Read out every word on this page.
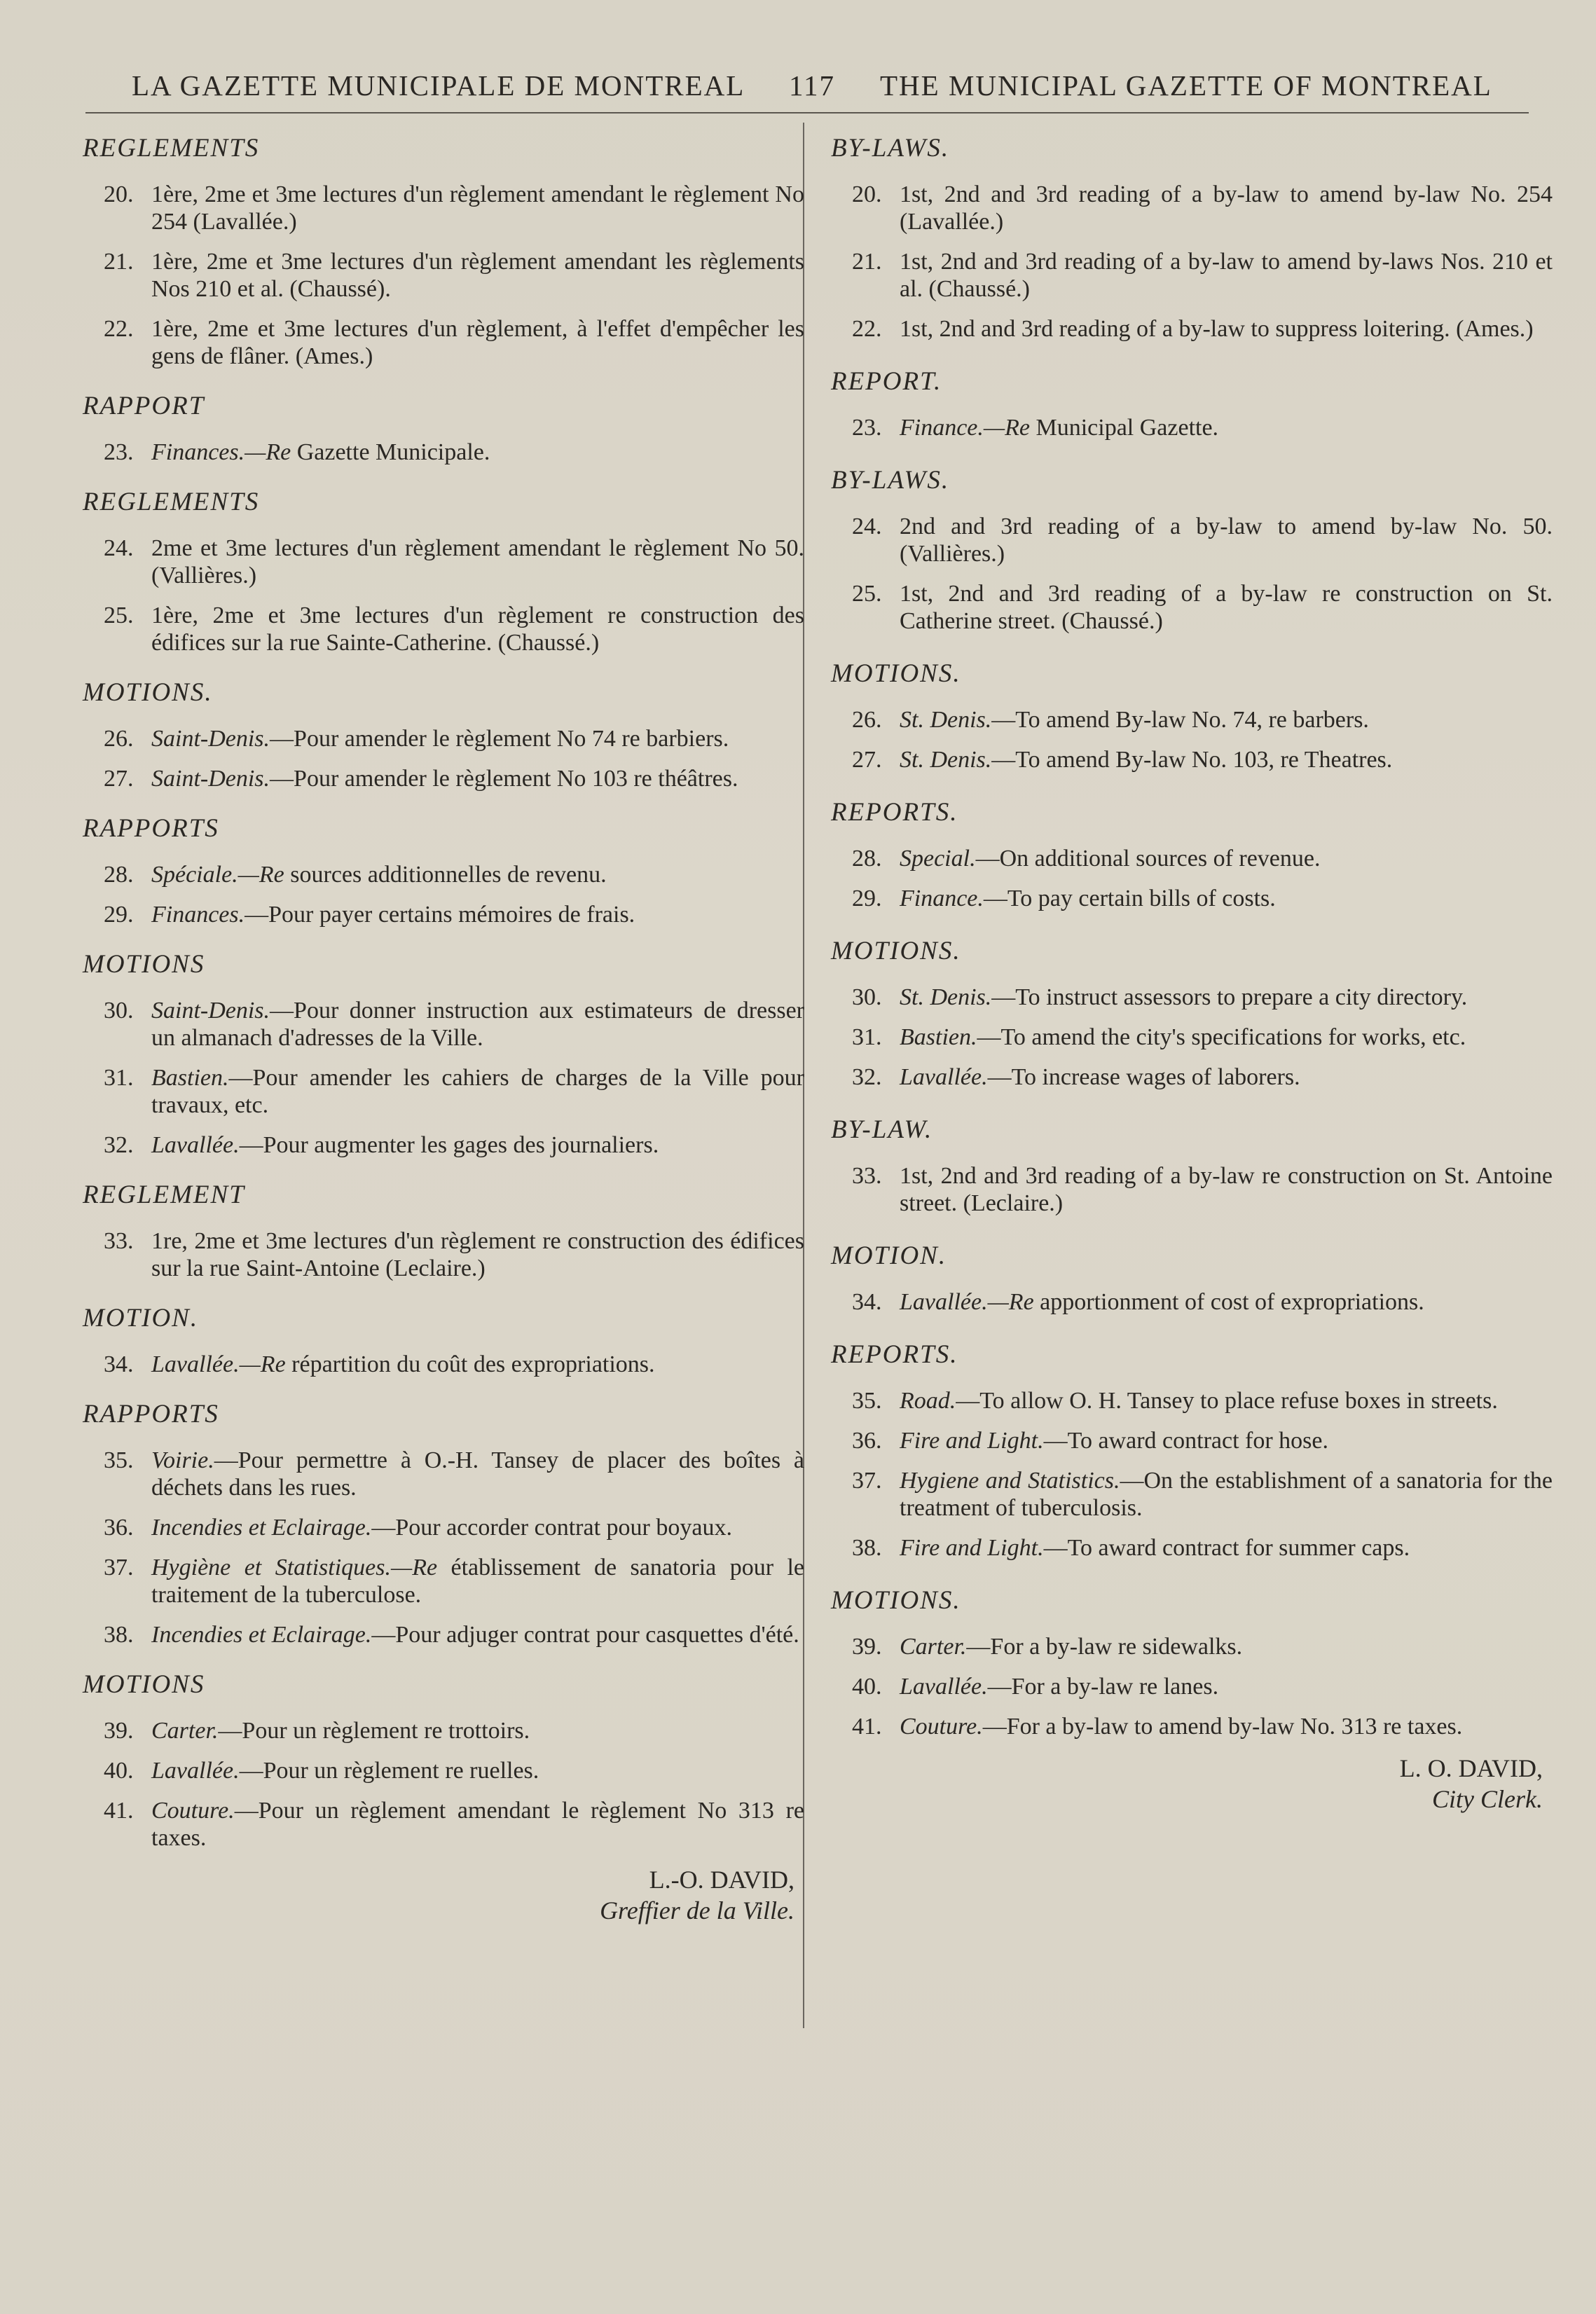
LA GAZETTE MUNICIPALE DE MONTREAL 117 THE MUNICIPAL GAZETTE OF MONTREAL
REGLEMENTS
20. 1ère, 2me et 3me lectures d'un règlement amendant le règlement No 254 (Lavallée.)
21. 1ère, 2me et 3me lectures d'un règlement amendant les règlements Nos 210 et al. (Chaussé).
22. 1ère, 2me et 3me lectures d'un règlement, à l'effet d'empêcher les gens de flâner. (Ames.)
RAPPORT
23. Finances.—Re Gazette Municipale.
REGLEMENTS
24. 2me et 3me lectures d'un règlement amendant le règlement No 50. (Vallières.)
25. 1ère, 2me et 3me lectures d'un règlement re construction des édifices sur la rue Sainte-Catherine. (Chaussé.)
MOTIONS.
26. Saint-Denis.—Pour amender le règlement No 74 re barbiers.
27. Saint-Denis.—Pour amender le règlement No 103 re théâtres.
RAPPORTS
28. Spéciale.—Re sources additionnelles de revenu.
29. Finances.—Pour payer certains mémoires de frais.
MOTIONS
30. Saint-Denis.—Pour donner instruction aux estimateurs de dresser un almanach d'adresses de la Ville.
31. Bastien.—Pour amender les cahiers de charges de la Ville pour travaux, etc.
32. Lavallée.—Pour augmenter les gages des journaliers.
REGLEMENT
33. 1re, 2me et 3me lectures d'un règlement re construction des édifices sur la rue Saint-Antoine (Leclaire.)
MOTION.
34. Lavallée.—Re répartition du coût des expropriations.
RAPPORTS
35. Voirie.—Pour permettre à O.-H. Tansey de placer des boîtes à déchets dans les rues.
36. Incendies et Eclairage.—Pour accorder contrat pour boyaux.
37. Hygiène et Statistiques.—Re établissement de sanatoria pour le traitement de la tuberculose.
38. Incendies et Eclairage.—Pour adjuger contrat pour casquettes d'été.
MOTIONS
39. Carter.—Pour un règlement re trottoirs.
40. Lavallée.—Pour un règlement re ruelles.
41. Couture.—Pour un règlement amendant le règlement No 313 re taxes.
L.-O. DAVID,
Greffier de la Ville.
BY-LAWS.
20. 1st, 2nd and 3rd reading of a by-law to amend by-law No. 254 (Lavallée.)
21. 1st, 2nd and 3rd reading of a by-law to amend by-laws Nos. 210 et al. (Chaussé.)
22. 1st, 2nd and 3rd reading of a by-law to suppress loitering. (Ames.)
REPORT.
23. Finance.—Re Municipal Gazette.
BY-LAWS.
24. 2nd and 3rd reading of a by-law to amend by-law No. 50. (Vallières.)
25. 1st, 2nd and 3rd reading of a by-law re construction on St. Catherine street. (Chaussé.)
MOTIONS.
26. St. Denis.—To amend By-law No. 74, re barbers.
27. St. Denis.—To amend By-law No. 103, re Theatres.
REPORTS.
28. Special.—On additional sources of revenue.
29. Finance.—To pay certain bills of costs.
MOTIONS.
30. St. Denis.—To instruct assessors to prepare a city directory.
31. Bastien.—To amend the city's specifications for works, etc.
32. Lavallée.—To increase wages of laborers.
BY-LAW.
33. 1st, 2nd and 3rd reading of a by-law re construction on St. Antoine street. (Leclaire.)
MOTION.
34. Lavallée.—Re apportionment of cost of expropriations.
REPORTS.
35. Road.—To allow O. H. Tansey to place refuse boxes in streets.
36. Fire and Light.—To award contract for hose.
37. Hygiene and Statistics.—On the establishment of a sanatoria for the treatment of tuberculosis.
38. Fire and Light.—To award contract for summer caps.
MOTIONS.
39. Carter.—For a by-law re sidewalks.
40. Lavallée.—For a by-law re lanes.
41. Couture.—For a by-law to amend by-law No. 313 re taxes.
L. O. DAVID,
City Clerk.
